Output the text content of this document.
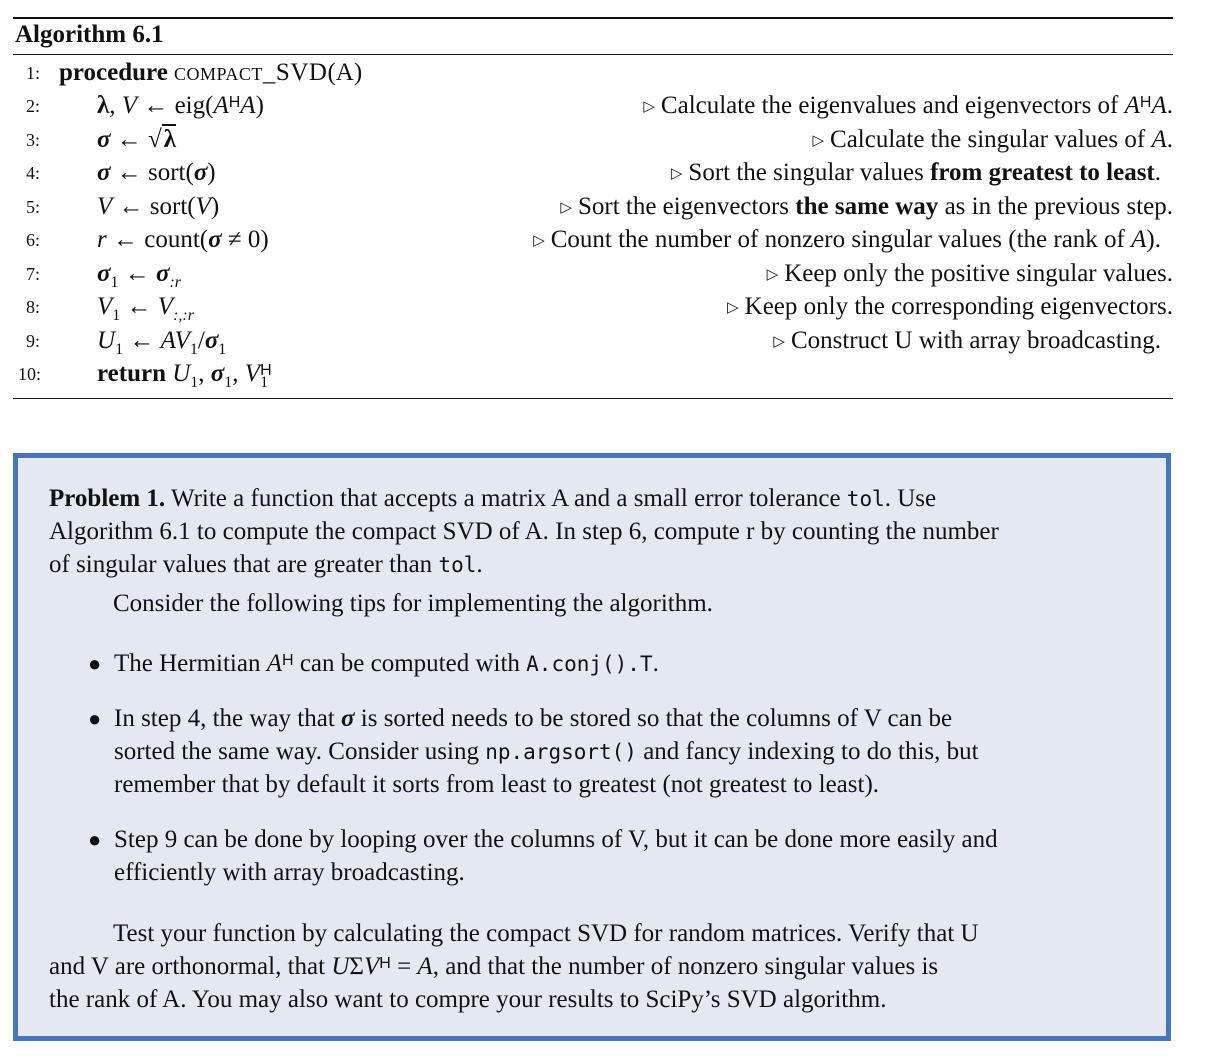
Algorithm 6.1
1: procedure compact_SVD(A)
2:	λ, V ← $eig(A^HA)$	▷ Calculate the eigenvalues and eigenvectors of $A^HA$.
3:	σ ← √λ	▷ Calculate the singular values of A.
4:	σ ← sort(σ)	▷ Sort the singular values from greatest to least.
5:	V ← sort(V)	▷ Sort the eigenvectors the same way as in the previous step.
6:	r ← count(σ ≠ 0)	▷ Count the number of nonzero singular values (the rank of A).
7:	$\sigma_1$ ← $\sigma_{:r}$	▷ Keep only the positive singular values.
8:	$V_1$ ← $V_{:,:r}$	▷ Keep only the corresponding eigenvectors.
9:	$U_1$ ← $AV_1/\sigma_1$	▷ Construct U with array broadcasting.
10: return $U_1$, $\sigma_1$, $V_1^H$
Problem 1. Write a function that accepts a matrix A and a small error tolerance tol. Use
Algorithm 6.1 to compute the compact SVD of A. In step 6, compute r by counting the number
of singular values that are greater than tol.
Consider the following tips for implementing the algorithm.
● The Hermitian $A^H$ can be computed with A.conj().T.
● In step 4, the way that σ is sorted needs to be stored so that the columns of V can be
sorted the same way. Consider using np.argsort() and fancy indexing to do this, but
remember that by default it sorts from least to greatest (not greatest to least).
● Step 9 can be done by looping over the columns of V, but it can be done more easily and
efficiently with array broadcasting.
Test your function by calculating the compact SVD for random matrices. Verify that U
and V are orthonormal, that $U\Sigma V^H = A$, and that the number of nonzero singular values is
the rank of A. You may also want to compre your results to SciPy’s SVD algorithm.
